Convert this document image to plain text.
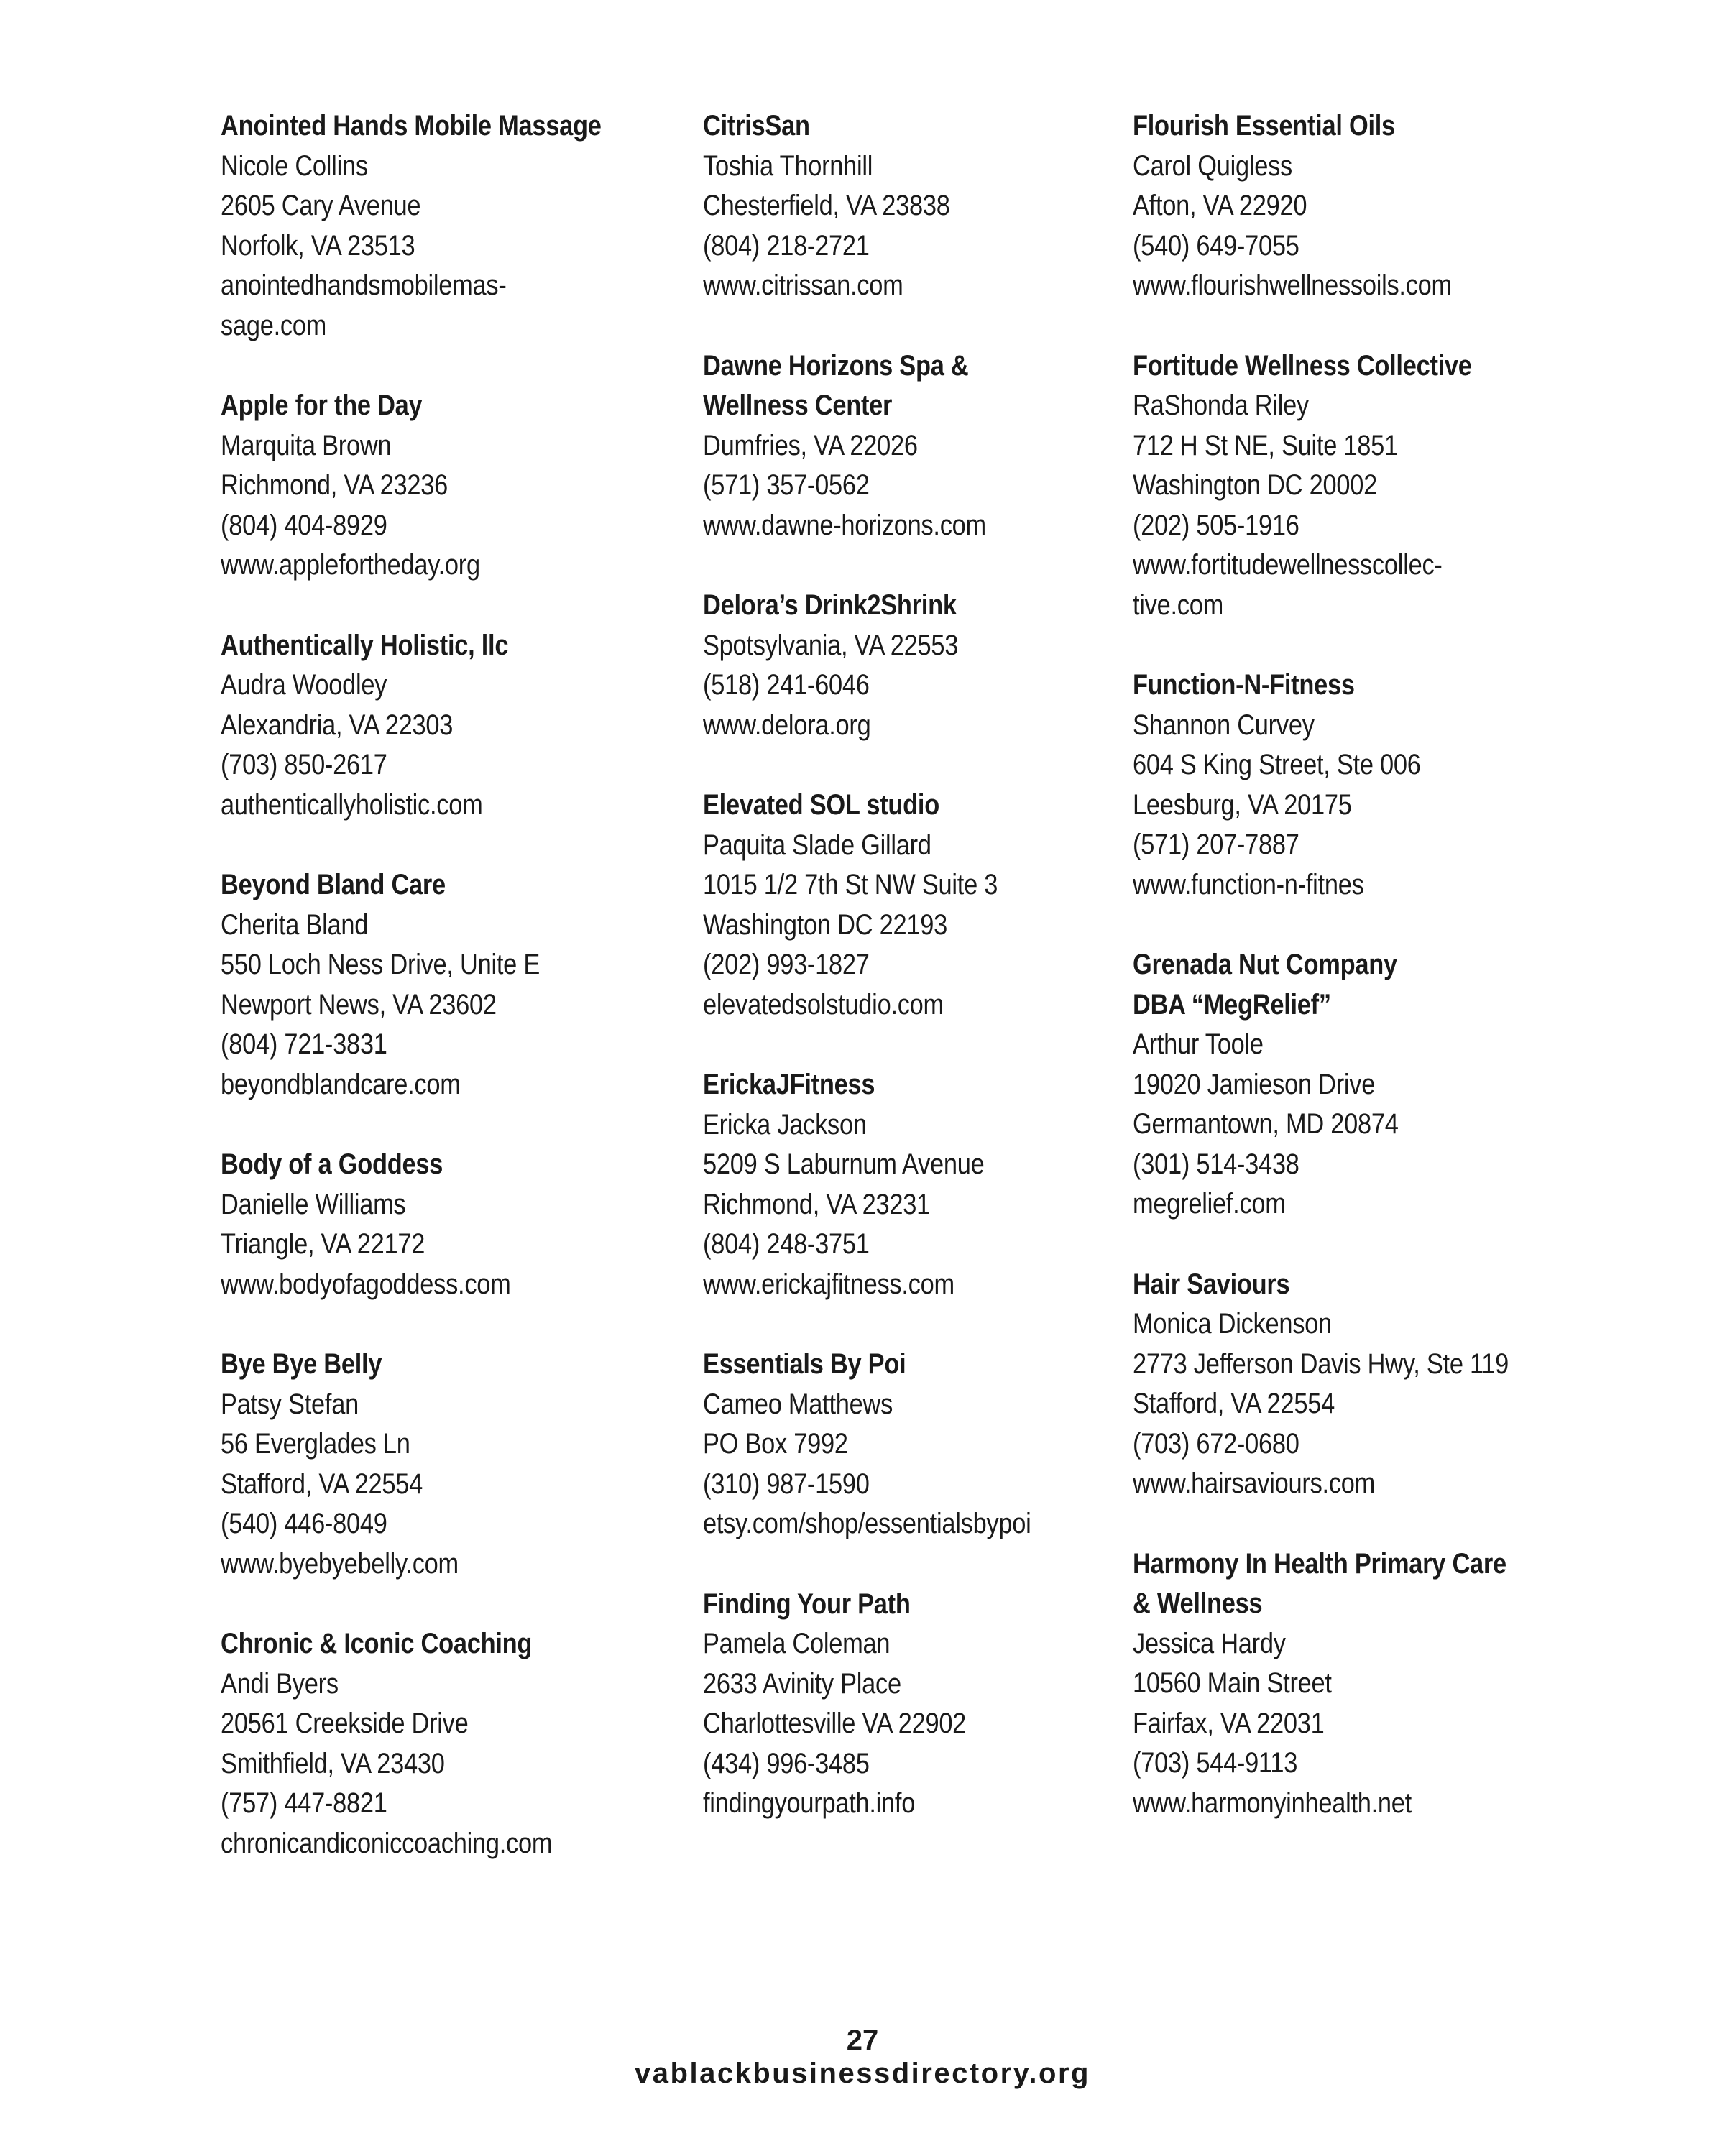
Anointed Hands Mobile Massage
Nicole Collins
2605 Cary Avenue
Norfolk, VA 23513
anointedhandsmobilemas-
sage.com
Apple for the Day
Marquita Brown
Richmond, VA 23236
(804) 404-8929
www.applefortheday.org
Authentically Holistic, llc
Audra Woodley
Alexandria, VA 22303
(703) 850-2617
authenticallyholistic.com
Beyond Bland Care
Cherita Bland
550 Loch Ness Drive, Unite E
Newport News, VA 23602
(804) 721-3831
beyondblandcare.com
Body of a Goddess
Danielle Williams
Triangle, VA 22172
www.bodyofagoddess.com
Bye Bye Belly
Patsy Stefan
56 Everglades Ln
Stafford, VA 22554
(540) 446-8049
www.byebyebelly.com
Chronic & Iconic Coaching
Andi Byers
20561 Creekside Drive
Smithfield, VA 23430
(757) 447-8821
chronicandiconiccoaching.com
CitrisSan
Toshia Thornhill
Chesterfield, VA 23838
(804) 218-2721
www.citrissan.com
Dawne Horizons Spa &
Wellness Center
Dumfries, VA 22026
(571) 357-0562
www.dawne-horizons.com
Delora’s Drink2Shrink
Spotsylvania, VA 22553
(518) 241-6046
www.delora.org
Elevated SOL studio
Paquita Slade Gillard
1015 1/2 7th St NW Suite 3
Washington DC 22193
(202) 993-1827
elevatedsolstudio.com
ErickaJFitness
Ericka Jackson
5209 S Laburnum Avenue
Richmond, VA 23231
(804) 248-3751
www.erickajfitness.com
Essentials By Poi
Cameo Matthews
PO Box 7992
(310) 987-1590
etsy.com/shop/essentialsbypoi
Finding Your Path
Pamela Coleman
2633 Avinity Place
Charlottesville VA 22902
(434) 996-3485
findingyourpath.info
Flourish Essential Oils
Carol Quigless
Afton, VA 22920
(540) 649-7055
www.flourishwellnessoils.com
Fortitude Wellness Collective
RaShonda Riley
712 H St NE, Suite 1851
Washington DC 20002
(202) 505-1916
www.fortitudewellnesscollec-
tive.com
Function-N-Fitness
Shannon Curvey
604 S King Street, Ste 006
Leesburg, VA 20175
(571) 207-7887
www.function-n-fitnes
Grenada Nut Company
DBA “MegRelief”
Arthur Toole
19020 Jamieson Drive
Germantown, MD 20874
(301) 514-3438
megrelief.com
Hair Saviours
Monica Dickenson
2773 Jefferson Davis Hwy, Ste 119
Stafford, VA 22554
(703) 672-0680
www.hairsaviours.com
Harmony In Health Primary Care
& Wellness
Jessica Hardy
10560 Main Street
Fairfax, VA 22031
(703) 544-9113
www.harmonyinhealth.net
27
vablackbusinessdirectory.org
